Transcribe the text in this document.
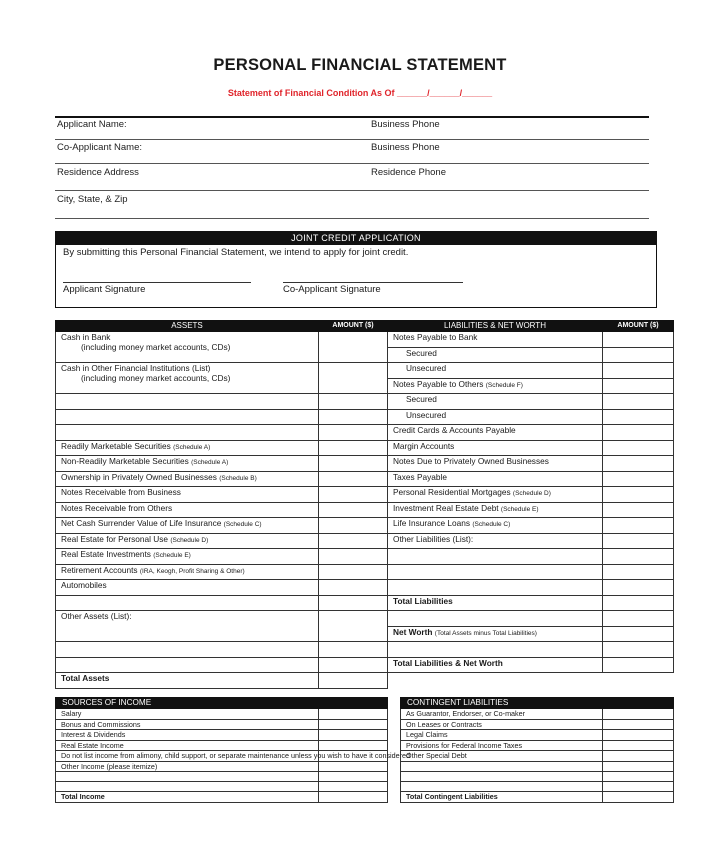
PERSONAL FINANCIAL STATEMENT
Statement of Financial Condition As Of ______/______/______
Applicant Name:	Business Phone
Co-Applicant Name:	Business Phone
Residence Address	Residence Phone
City, State, & Zip
JOINT CREDIT APPLICATION
By submitting this Personal Financial Statement, we intend to apply for joint credit.
Applicant Signature	Co-Applicant Signature
ASSETS	AMOUNT ($)

Cash in Bank
(including money market accounts, CDs)	

Cash in Other Financial Institutions (List)
(including money market accounts, CDs)	

Readily Marketable Securities (Schedule A)	
Non-Readily Marketable Securities (Schedule A)	
Ownership in Privately Owned Businesses (Schedule B)	
Notes Receivable from Business	
Notes Receivable from Others	
Net Cash Surrender Value of Life Insurance (Schedule C)	
Real Estate for Personal Use (Schedule D)	
Real Estate Investments (Schedule E)	
Retirement Accounts (IRA, Keogh, Profit Sharing & Other)	
Automobiles	

Other Assets (List):	

Total Assets	
LIABILITIES & NET WORTH	AMOUNT ($)
Notes Payable to Bank	
Secured	
Unsecured	
Notes Payable to Others (Schedule F)	
Secured	
Unsecured	
Credit Cards & Accounts Payable	
Margin Accounts	
Notes Due to Privately Owned Businesses	
Taxes Payable	
Personal Residential Mortgages (Schedule D)	
Investment Real Estate Debt (Schedule E)	
Life Insurance Loans (Schedule C)	
Other Liabilities (List):	

Total Liabilities	

Net Worth (Total Assets minus Total Liabilities)	

Total Liabilities & Net Worth	
SOURCES OF INCOME	
Salary	
Bonus and Commissions	
Interest & Dividends	
Real Estate Income	
Do not list income from alimony, child support, or separate maintenance unless you wish to have it considered	
Other Income (please itemize)	

Total Income	
CONTINGENT LIABILITIES	
As Guarantor, Endorser, or Co-maker	
On Leases or Contracts	
Legal Claims	
Provisions for Federal Income Taxes	
Other Special Debt	

Total Contingent Liabilities	
